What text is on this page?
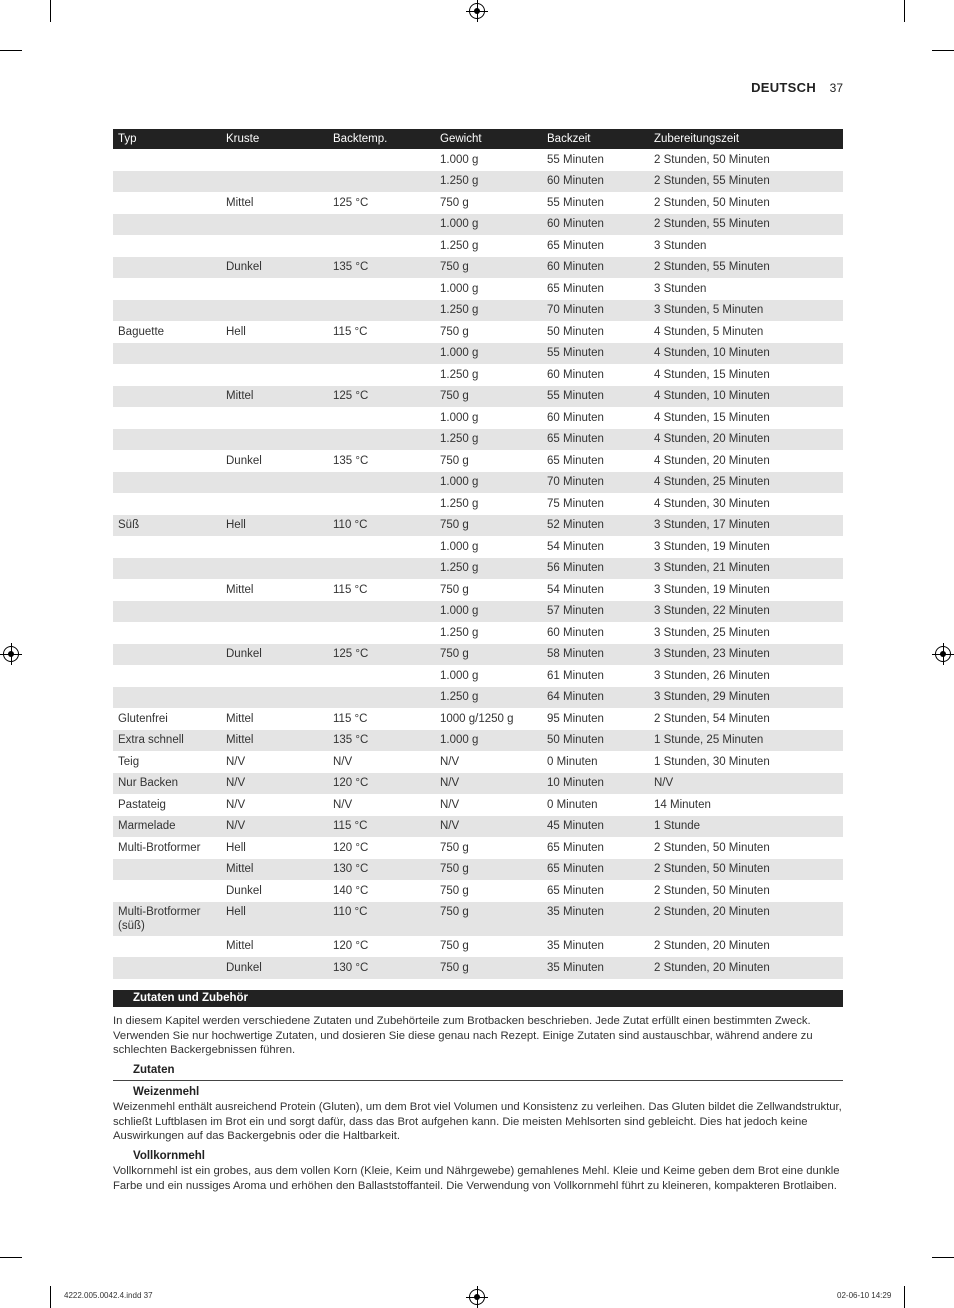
DEUTSCH 37
Typ	Kruste	Backtemp.	Gewicht	Backzeit	Zubereitungszeit
			1.000 g	55 Minuten	2 Stunden, 50 Minuten
			1.250 g	60 Minuten	2 Stunden, 55 Minuten
	Mittel	125 °C	750 g	55 Minuten	2 Stunden, 50 Minuten
			1.000 g	60 Minuten	2 Stunden, 55 Minuten
			1.250 g	65 Minuten	3 Stunden
	Dunkel	135 °C	750 g	60 Minuten	2 Stunden, 55 Minuten
			1.000 g	65 Minuten	3 Stunden
			1.250 g	70 Minuten	3 Stunden, 5 Minuten
Baguette	Hell	115 °C	750 g	50 Minuten	4 Stunden, 5 Minuten
			1.000 g	55 Minuten	4 Stunden, 10 Minuten
			1.250 g	60 Minuten	4 Stunden, 15 Minuten
	Mittel	125 °C	750 g	55 Minuten	4 Stunden, 10 Minuten
			1.000 g	60 Minuten	4 Stunden, 15 Minuten
			1.250 g	65 Minuten	4 Stunden, 20 Minuten
	Dunkel	135 °C	750 g	65 Minuten	4 Stunden, 20 Minuten
			1.000 g	70 Minuten	4 Stunden, 25 Minuten
			1.250 g	75 Minuten	4 Stunden, 30 Minuten
Süß	Hell	110 °C	750 g	52 Minuten	3 Stunden, 17 Minuten
			1.000 g	54 Minuten	3 Stunden, 19 Minuten
			1.250 g	56 Minuten	3 Stunden, 21 Minuten
	Mittel	115 °C	750 g	54 Minuten	3 Stunden, 19 Minuten
			1.000 g	57 Minuten	3 Stunden, 22 Minuten
			1.250 g	60 Minuten	3 Stunden, 25 Minuten
	Dunkel	125 °C	750 g	58 Minuten	3 Stunden, 23 Minuten
			1.000 g	61 Minuten	3 Stunden, 26 Minuten
			1.250 g	64 Minuten	3 Stunden, 29 Minuten
Glutenfrei	Mittel	115 °C	1000 g/1250 g	95 Minuten	2 Stunden, 54 Minuten
Extra schnell	Mittel	135 °C	1.000 g	50 Minuten	1 Stunde, 25 Minuten
Teig	N/V	N/V	N/V	0 Minuten	1 Stunden, 30 Minuten
Nur Backen	N/V	120 °C	N/V	10 Minuten	N/V
Pastateig	N/V	N/V	N/V	0 Minuten	14 Minuten
Marmelade	N/V	115 °C	N/V	45 Minuten	1 Stunde
Multi-Brotformer	Hell	120 °C	750 g	65 Minuten	2 Stunden, 50 Minuten
	Mittel	130 °C	750 g	65 Minuten	2 Stunden, 50 Minuten
	Dunkel	140 °C	750 g	65 Minuten	2 Stunden, 50 Minuten
Multi-Brotformer (süß)	Hell	110 °C	750 g	35 Minuten	2 Stunden, 20 Minuten
	Mittel	120 °C	750 g	35 Minuten	2 Stunden, 20 Minuten
	Dunkel	130 °C	750 g	35 Minuten	2 Stunden, 20 Minuten
Zutaten und Zubehör
In diesem Kapitel werden verschiedene Zutaten und Zubehörteile zum Brotbacken beschrieben. Jede Zutat erfüllt einen bestimmten Zweck. Verwenden Sie nur hochwertige Zutaten, und dosieren Sie diese genau nach Rezept. Einige Zutaten sind austauschbar, während andere zu schlechten Backergebnissen führen.
Zutaten
Weizenmehl
Weizenmehl enthält ausreichend Protein (Gluten), um dem Brot viel Volumen und Konsistenz zu verleihen. Das Gluten bildet die Zellwandstruktur, schließt Luftblasen im Brot ein und sorgt dafür, dass das Brot aufgehen kann. Die meisten Mehlsorten sind gebleicht. Dies hat jedoch keine Auswirkungen auf das Backergebnis oder die Haltbarkeit.
Vollkornmehl
Vollkornmehl ist ein grobes, aus dem vollen Korn (Kleie, Keim und Nährgewebe) gemahlenes Mehl. Kleie und Keime geben dem Brot eine dunkle Farbe und ein nussiges Aroma und erhöhen den Ballaststoffanteil. Die Verwendung von Vollkornmehl führt zu kleineren, kompakteren Brotlaiben.
4222.005.0042.4.indd 37	02-06-10 14:29
